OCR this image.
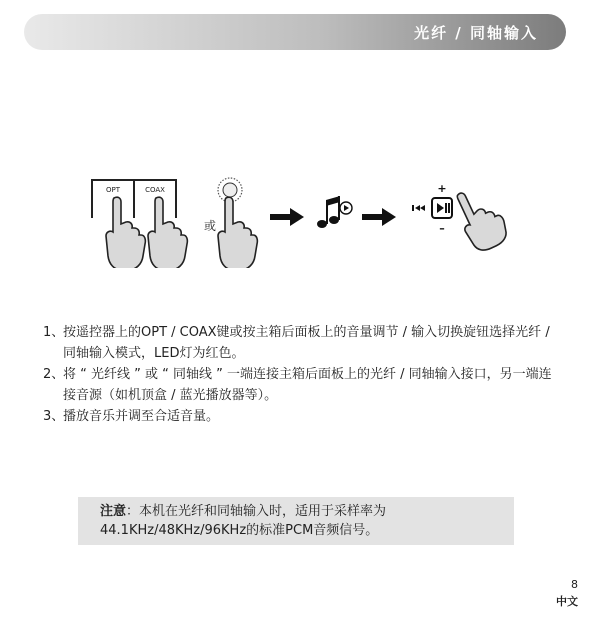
光纤 / 同轴输入
OPT	COAX
或
+
–
1、
按遥控器上的OPT / COAX键或按主箱后面板上的音量调节 / 输入切换旋钮选择光纤 / 同轴输入模式，LED灯为红色。
2、
将 “ 光纤线 ” 或 “ 同轴线 ” 一端连接主箱后面板上的光纤 / 同轴输入接口，另一端连接音源（如机顶盒 / 蓝光播放器等）。
3、
播放音乐并调至合适音量。
注意：本机在光纤和同轴输入时，适用于采样率为44.1KHz/48KHz/96KHz的标准PCM音频信号。
8
中文
